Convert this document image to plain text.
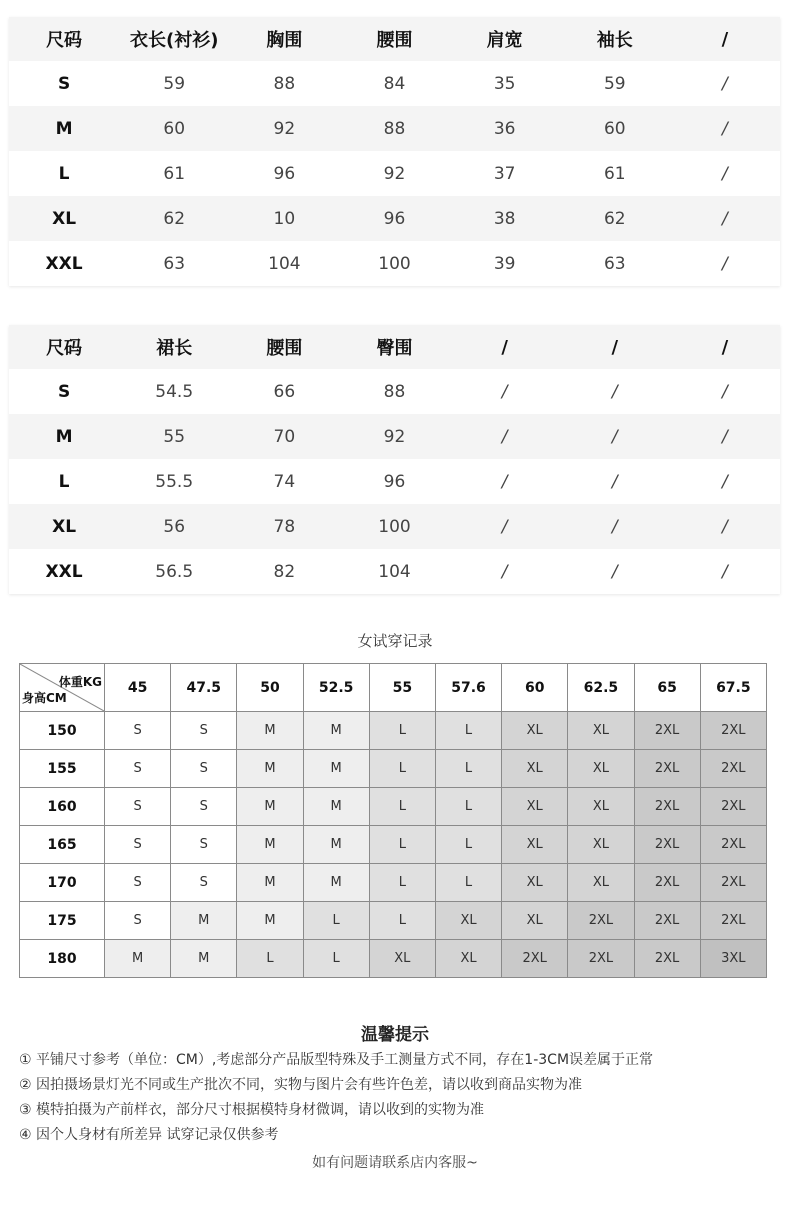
尺码	衣长(衬衫)	胸围	腰围	肩宽	袖长	/
S	59	88	84	35	59	/
M	60	92	88	36	60	/
L	61	96	92	37	61	/
XL	62	10	96	38	62	/
XXL	63	104	100	39	63	/
尺码	裙长	腰围	臀围	/	/	/
S	54.5	66	88	/	/	/
M	55	70	92	/	/	/
L	55.5	74	96	/	/	/
XL	56	78	100	/	/	/
XXL	56.5	82	104	/	/	/
女试穿记录
体重KG
身高CM	45	47.5	50	52.5	55	57.6	60	62.5	65	67.5
150	S	S	M	M	L	L	XL	XL	2XL	2XL
155	S	S	M	M	L	L	XL	XL	2XL	2XL
160	S	S	M	M	L	L	XL	XL	2XL	2XL
165	S	S	M	M	L	L	XL	XL	2XL	2XL
170	S	S	M	M	L	L	XL	XL	2XL	2XL
175	S	M	M	L	L	XL	XL	2XL	2XL	2XL
180	M	M	L	L	XL	XL	2XL	2XL	2XL	3XL
温馨提示
① 平铺尺寸参考（单位：CM）,考虑部分产品版型特殊及手工测量方式不同，存在1-3CM误差属于正常
② 因拍摄场景灯光不同或生产批次不同，实物与图片会有些许色差，请以收到商品实物为准
③ 模特拍摄为产前样衣，部分尺寸根据模特身材微调，请以收到的实物为准
④ 因个人身材有所差异 试穿记录仅供参考
如有问题请联系店内客服~
